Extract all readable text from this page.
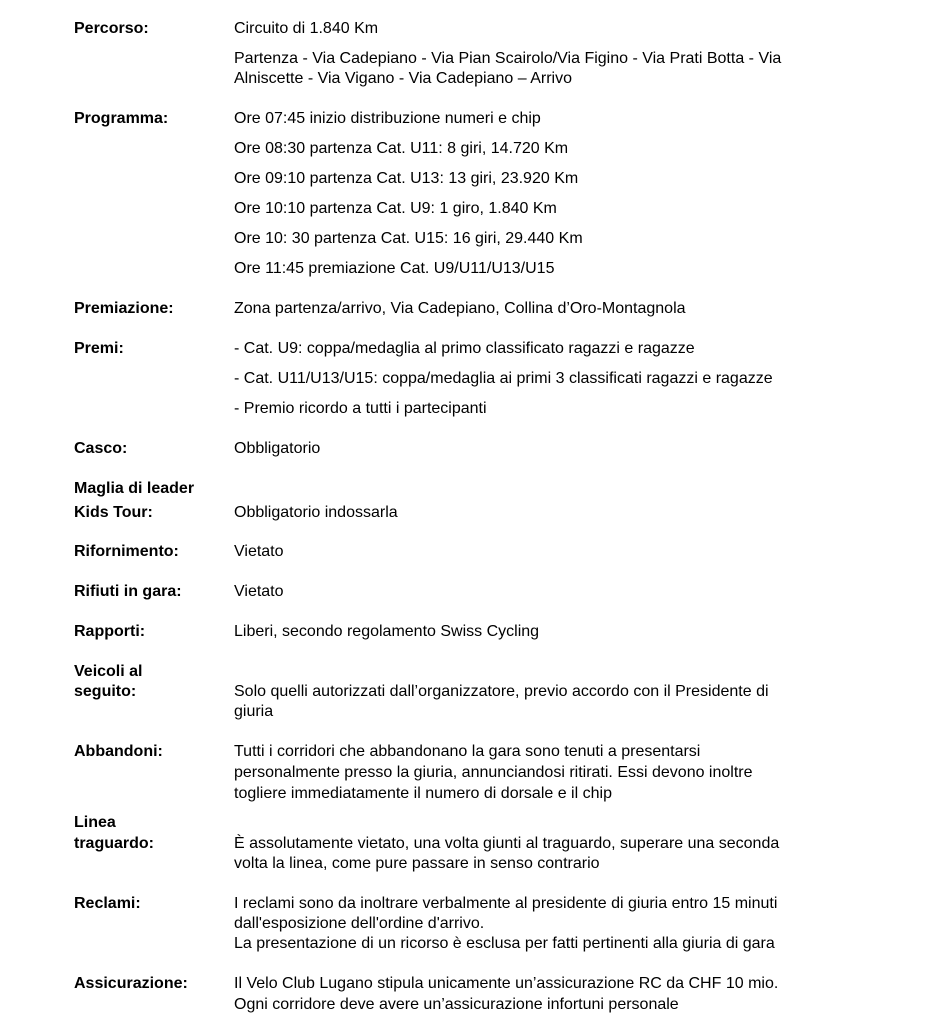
Percorso:	Circuito di 1.840 Km

Partenza - Via Cadepiano - Via Pian Scairolo/Via Figino - Via Prati Botta - Via

Alniscette - Via Vigano - Via Cadepiano – Arrivo

Programma:	Ore 07:45 inizio distribuzione numeri e chip

Ore 08:30 partenza Cat. U11: 8 giri, 14.720 Km

Ore 09:10 partenza Cat. U13: 13 giri, 23.920 Km

Ore 10:10 partenza Cat. U9: 1 giro, 1.840 Km

Ore 10: 30 partenza Cat. U15: 16 giri, 29.440 Km

Ore 11:45 premiazione Cat. U9/U11/U13/U15

Premiazione:	Zona partenza/arrivo, Via Cadepiano, Collina d’Oro-Montagnola

Premi:	- Cat. U9: coppa/medaglia al primo classificato ragazzi e ragazze

- Cat. U11/U13/U15: coppa/medaglia ai primi 3 classificati ragazzi e ragazze

- Premio ricordo a tutti i partecipanti

Casco:	Obbligatorio

Maglia di leader

Kids Tour:	Obbligatorio indossarla

Rifornimento:	Vietato

Rifiuti in gara:	Vietato

Rapporti:	Liberi, secondo regolamento Swiss Cycling

Veicoli al

seguito:	Solo quelli autorizzati dall’organizzatore, previo accordo con il Presidente di

giuria

Abbandoni:	Tutti i corridori che abbandonano la gara sono tenuti a presentarsi

personalmente presso la giuria, annunciandosi ritirati. Essi devono inoltre

togliere immediatamente il numero di dorsale e il chip

Linea

traguardo:	È assolutamente vietato, una volta giunti al traguardo, superare una seconda

volta la linea, come pure passare in senso contrario

Reclami:	I reclami sono da inoltrare verbalmente al presidente di giuria entro 15 minuti

dall'esposizione dell'ordine d'arrivo.

La presentazione di un ricorso è esclusa per fatti pertinenti alla giuria di gara

Assicurazione:	Il Velo Club Lugano stipula unicamente un’assicurazione RC da CHF 10 mio.

Ogni corridore deve avere un’assicurazione infortuni personale
